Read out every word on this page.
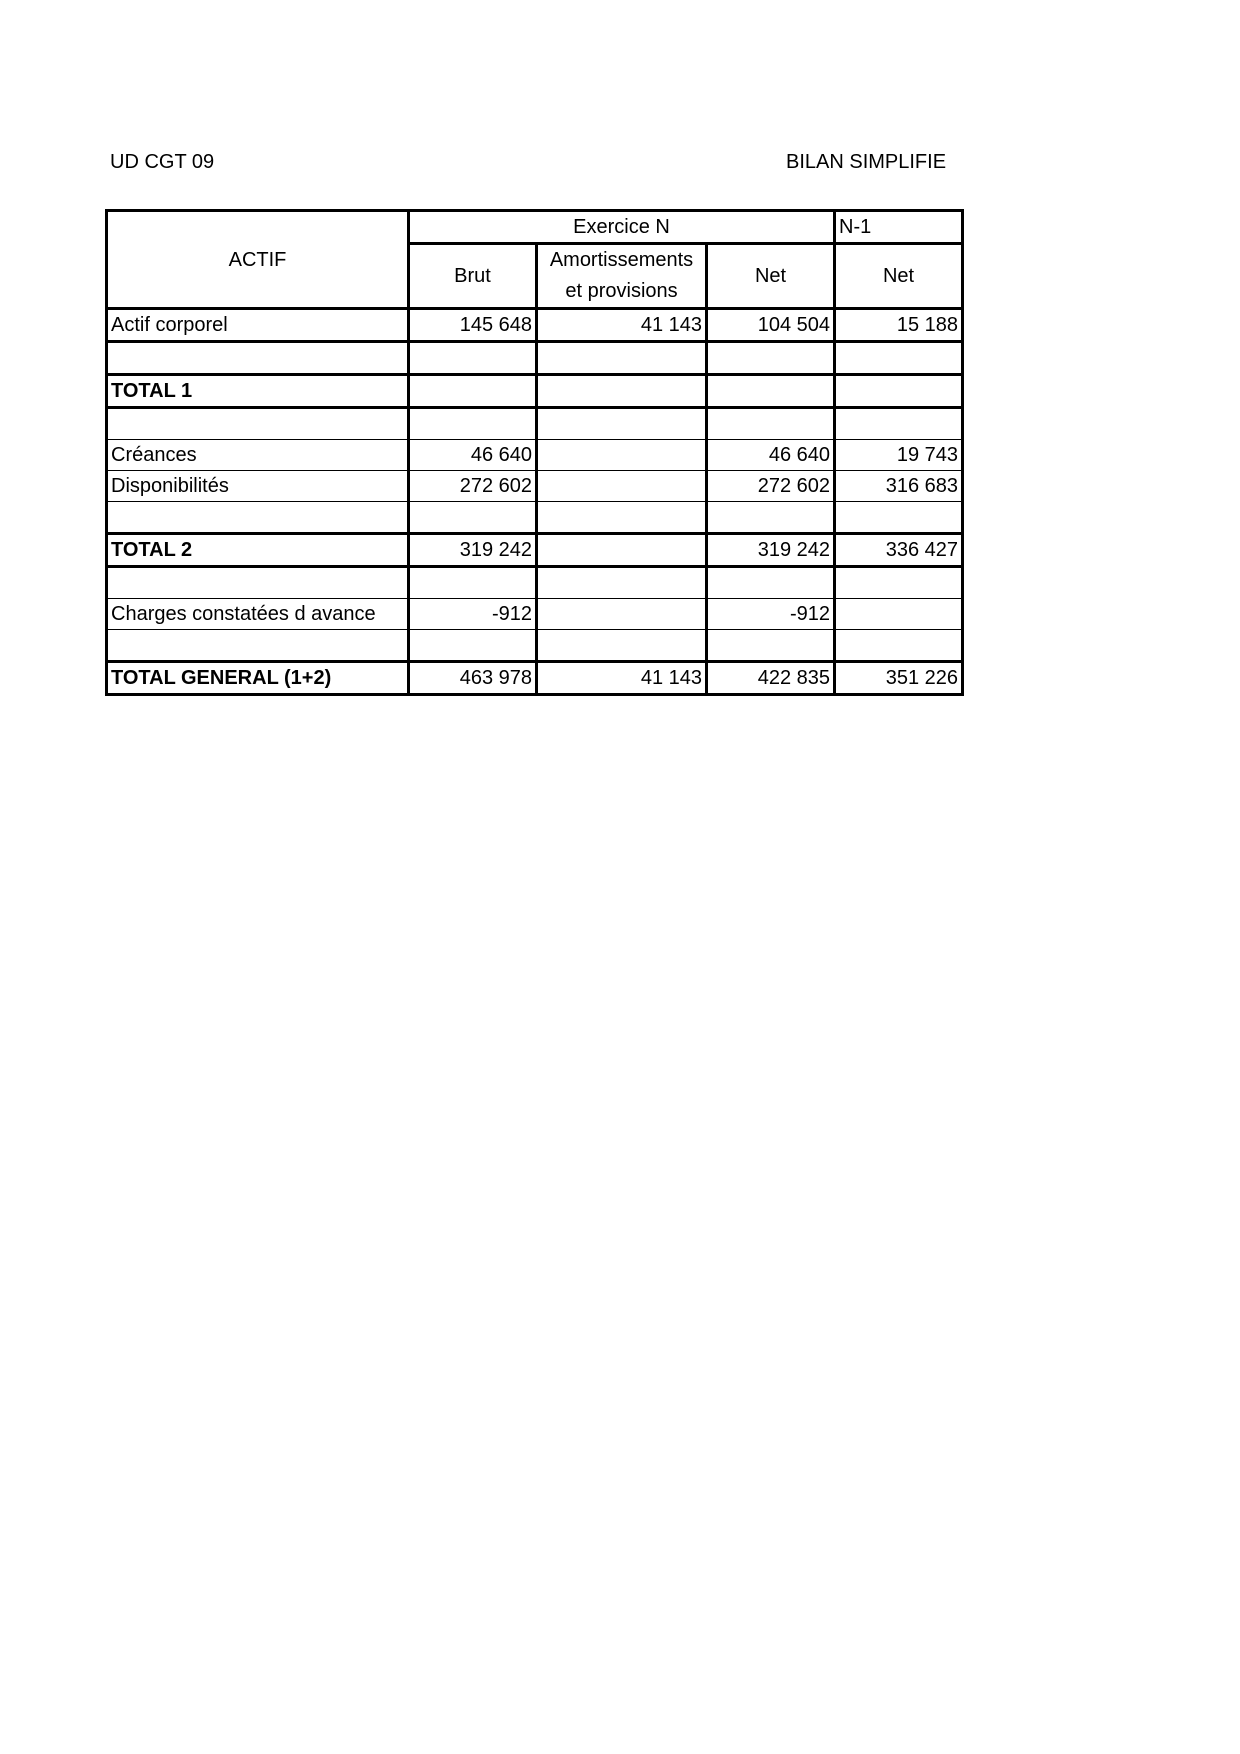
UD CGT 09	BILAN SIMPLIFIE
ACTIF	Exercice N			N-1
	Brut	Amortissements et provisions	Net	Net
Actif corporel	145 648	41 143	104 504	15 188

TOTAL 1				

Créances	46 640		46 640	19 743
Disponibilités	272 602		272 602	316 683

TOTAL 2	319 242		319 242	336 427

Charges constatées d avance	-912		-912	

TOTAL GENERAL (1+2)	463 978	41 143	422 835	351 226
